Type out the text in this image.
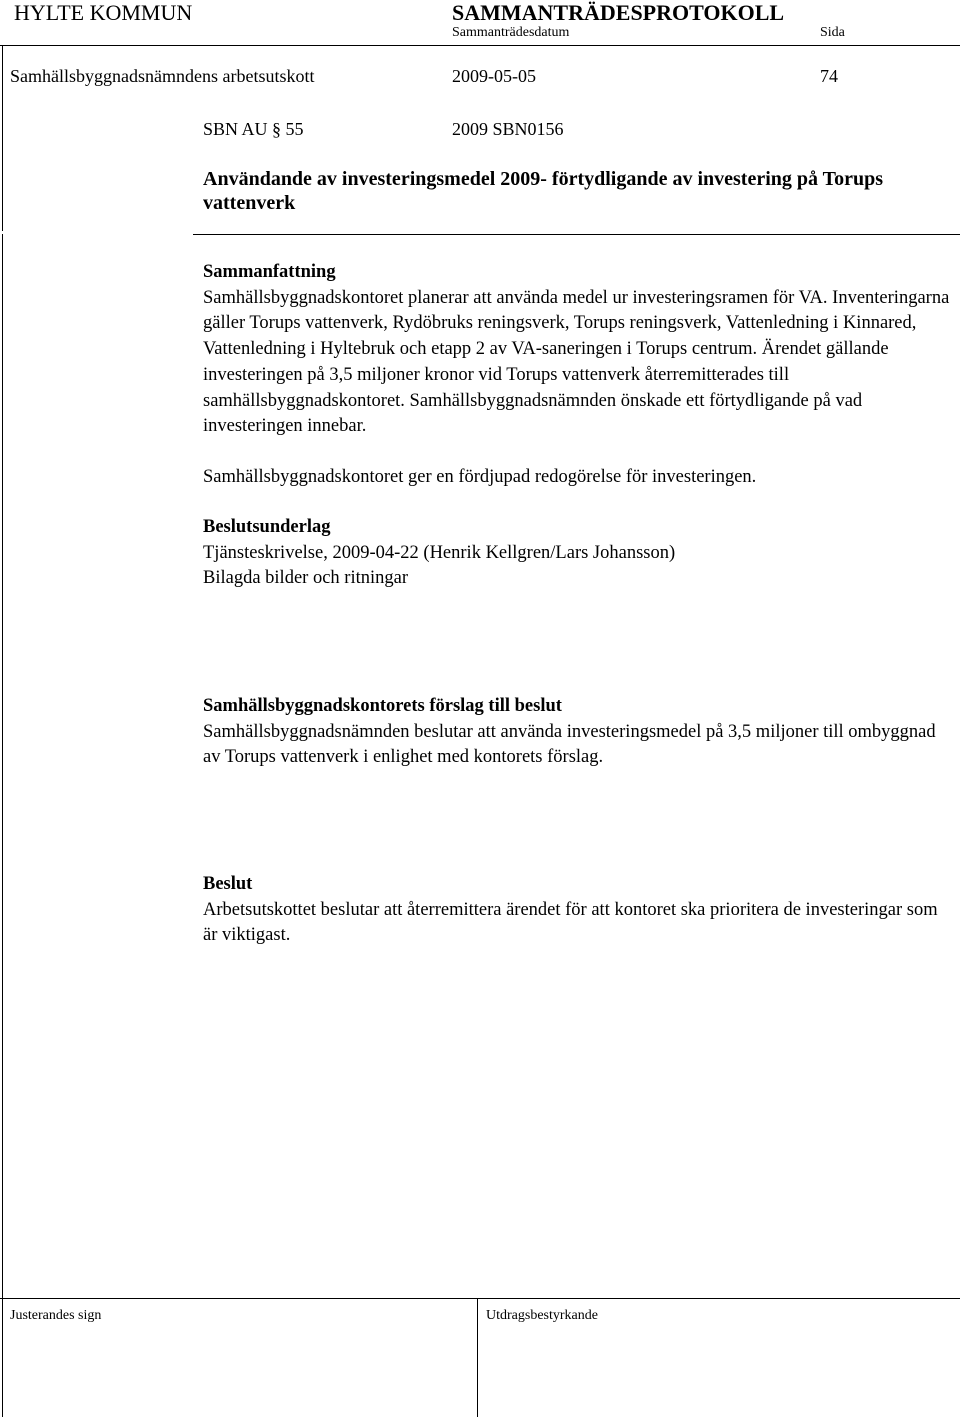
HYLTE KOMMUN	SAMMANTRÄDESPROTOKOLL
Sammanträdesdatum	Sida
Samhällsbyggnadsnämndens arbetsutskott	2009-05-05	74
SBN AU § 55	2009 SBN0156
Användande av investeringsmedel 2009- förtydligande av investering på Torups vattenverk
Sammanfattning

Samhällsbyggnadskontoret planerar att använda medel ur investeringsramen för VA. Inventeringarna gäller Torups vattenverk, Rydöbruks reningsverk, Torups reningsverk, Vattenledning i Kinnared, Vattenledning i Hyltebruk och etapp 2 av VA-saneringen i Torups centrum. Ärendet gällande investeringen på 3,5 miljoner kronor vid Torups vattenverk återremitterades till samhällsbyggnadskontoret. Samhällsbyggnadsnämnden önskade ett förtydligande på vad investeringen innebar.

Samhällsbyggnadskontoret ger en fördjupad redogörelse för investeringen.

Beslutsunderlag

Tjänsteskrivelse, 2009-04-22 (Henrik Kellgren/Lars Johansson)

Bilagda bilder och ritningar

Samhällsbyggnadskontorets förslag till beslut

Samhällsbyggnadsnämnden beslutar att använda investeringsmedel på 3,5 miljoner till ombyggnad av Torups vattenverk i enlighet med kontorets förslag.

Beslut

Arbetsutskottet beslutar att återremittera ärendet för att kontoret ska prioritera de investeringar som är viktigast.

Justerandes sign	Utdragsbestyrkande
